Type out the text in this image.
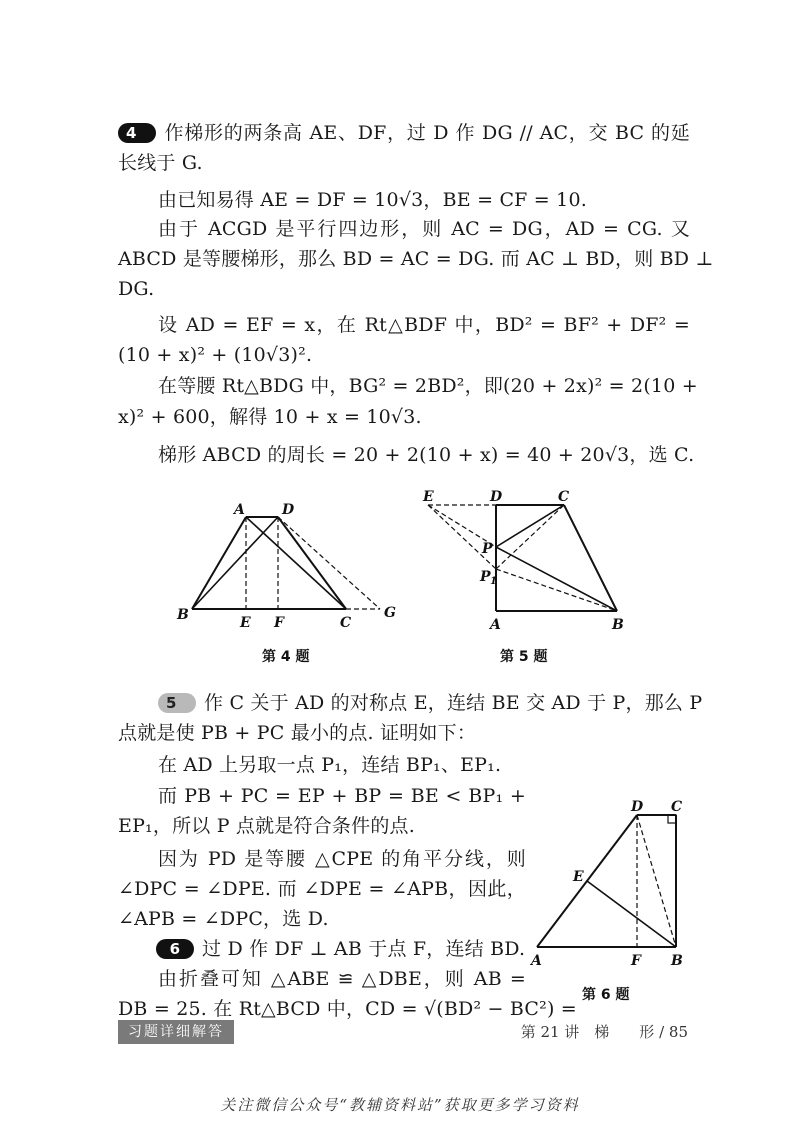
4 作梯形的两条高 AE、DF，过 D 作 DG // AC，交 BC 的延
长线于 G.
由已知易得 AE = DF = 10√3，BE = CF = 10.
由于 ACGD 是平行四边形，则 AC = DG，AD = CG. 又
ABCD 是等腰梯形，那么 BD = AC = DG. 而 AC ⊥ BD，则 BD ⊥
DG.
设 AD = EF = x，在 Rt△BDF 中，BD² = BF² + DF² =
(10 + x)² + (10√3)².
在等腰 Rt△BDG 中，BG² = 2BD²，即(20 + 2x)² = 2(10 +
x)² + 600，解得 10 + x = 10√3.
梯形 ABCD 的周长 = 20 + 2(10 + x) = 40 + 20√3，选 C.
A	D
B	E F	C
G
第 4 题
E	D	C
P
P 1
A	B
第 5 题
5 作 C 关于 AD 的对称点 E，连结 BE 交 AD 于 P，那么 P
点就是使 PB + PC 最小的点. 证明如下：
在 AD 上另取一点 P₁，连结 BP₁、EP₁.
而 PB + PC = EP + BP = BE < BP₁ +
EP₁，所以 P 点就是符合条件的点.
因为 PD 是等腰 △CPE 的角平分线，则
∠DPC = ∠DPE. 而 ∠DPE = ∠APB，因此，
∠APB = ∠DPC，选 D.
6 过 D 作 DF ⊥ AB 于点 F，连结 BD.
由折叠可知 △ABE ≌ △DBE，则 AB =
DB = 25. 在 Rt△BCD 中，CD = √(BD² − BC²) =
D C
E
A	F B
第 6 题
习题详细解答	第 21 讲　梯　　形 / 85
关注微信公众号“教辅资料站”获取更多学习资料
